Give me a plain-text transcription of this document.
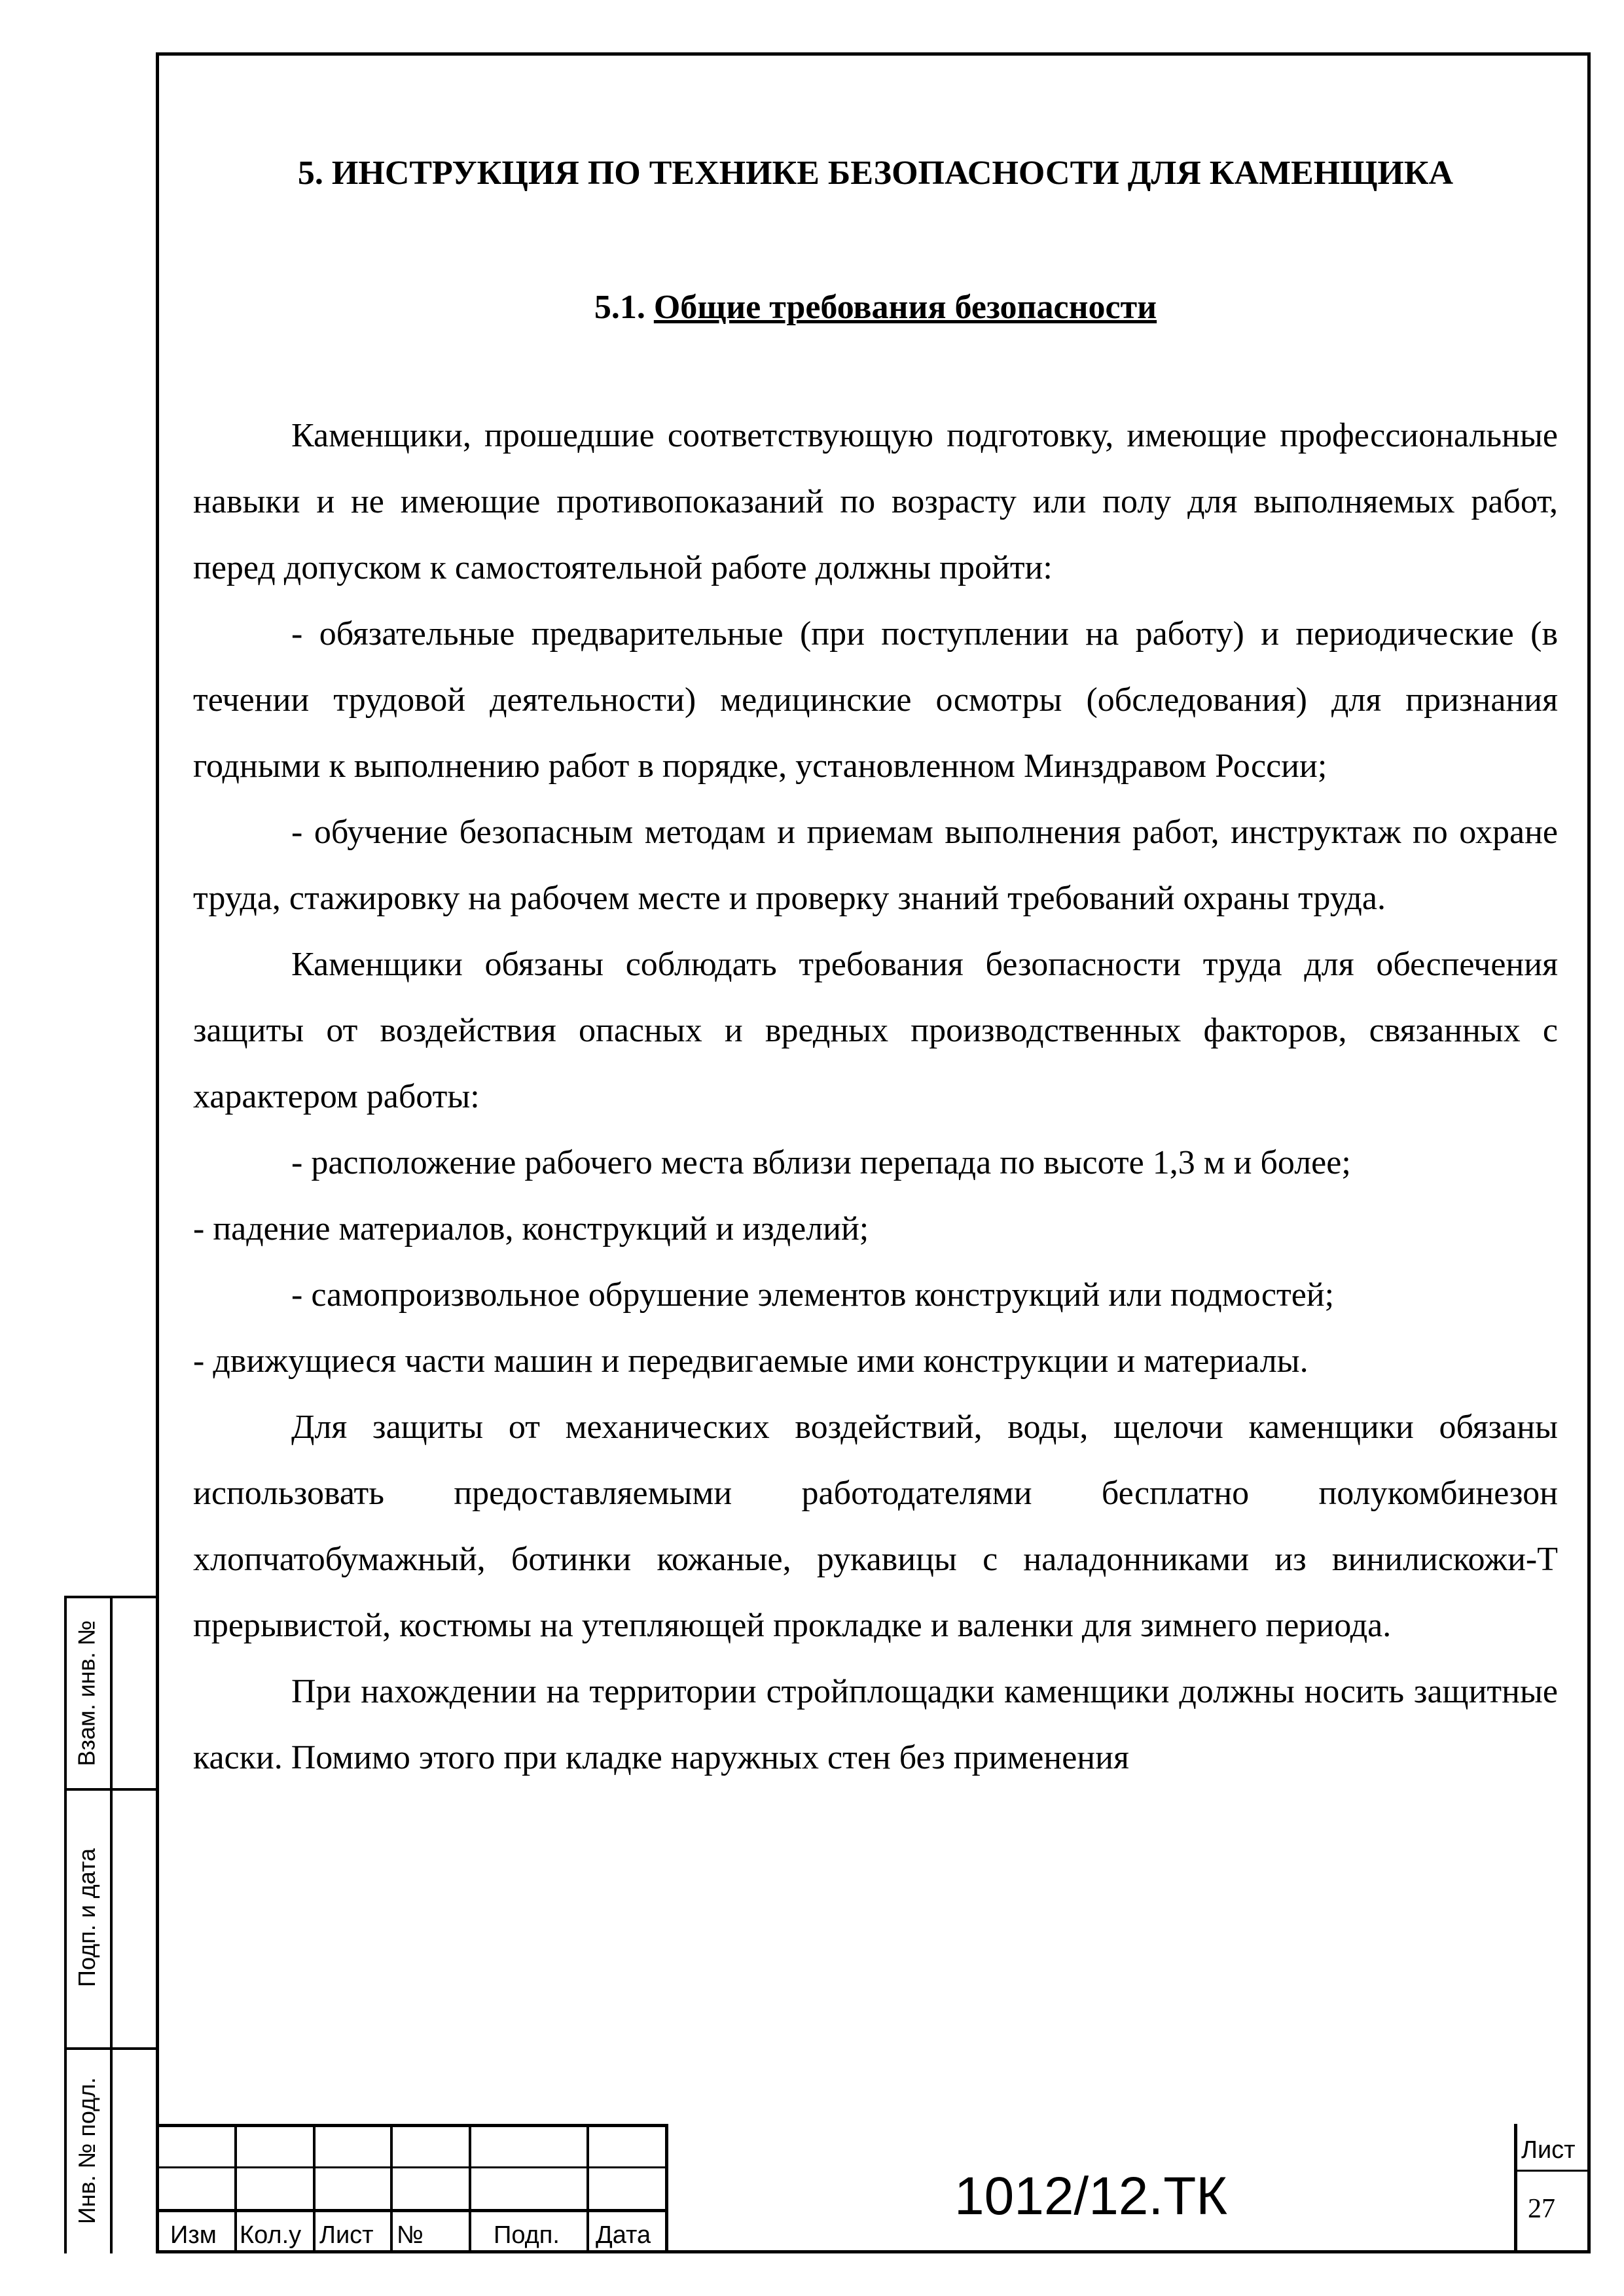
5. ИНСТРУКЦИЯ ПО ТЕХНИКЕ БЕЗОПАСНОСТИ ДЛЯ КАМЕНЩИКА
5.1. Общие требования безопасности

Каменщики, прошедшие соответствующую подготовку, имеющие профессиональные навыки и не имеющие противопоказаний по возрасту или полу для выполняемых работ, перед допуском к самостоятельной работе должны пройти:

- обязательные предварительные (при поступлении на работу) и периодические (в течении трудовой деятельности) медицинские осмотры (обследования) для признания годными к выполнению работ в порядке, установленном Минздравом России;

- обучение безопасным методам и приемам выполнения работ, инструктаж по охране труда, стажировку на рабочем месте и проверку знаний требований охраны труда.

Каменщики обязаны соблюдать требования безопасности труда для обеспечения защиты от воздействия опасных и вредных производственных факторов, связанных с характером работы:

- расположение рабочего места вблизи перепада по высоте 1,3 м и более;

- падение материалов, конструкций и изделий;

- самопроизвольное обрушение элементов конструкций или подмостей;

- движущиеся части машин и передвигаемые ими конструкции и материалы.

Для защиты от механических воздействий, воды, щелочи каменщики обязаны использовать предоставляемыми работодателями бесплатно полукомбинезон хлопчатобумажный, ботинки кожаные, рукавицы с наладонниками из винилискожи-Т прерывистой, костюмы на утепляющей прокладке и валенки для зимнего периода.

При нахождении на территории стройплощадки каменщики должны носить защитные каски. Помимо этого при кладке наружных стен без применения

Взам. инв. №
Подп. и дата
Инв. № подл.
Изм Кол.у Лист №	Подп. Дата
1012/12.ТК
Лист
27
